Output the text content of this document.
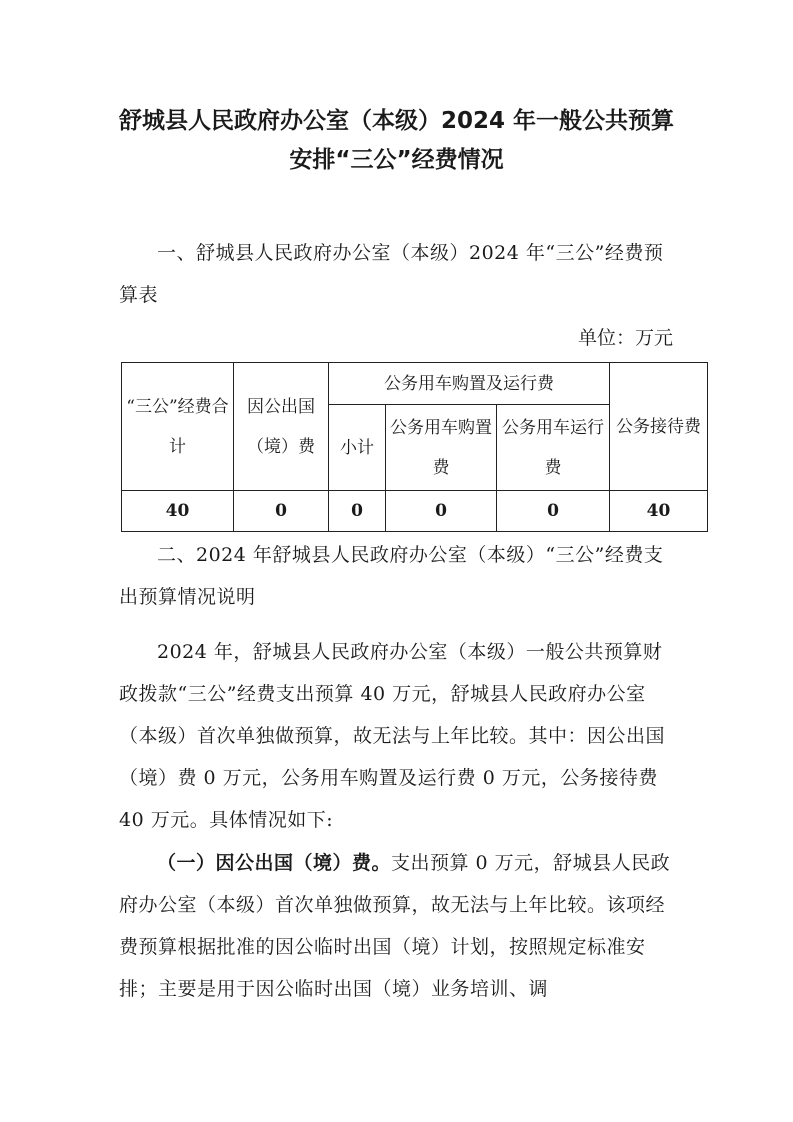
舒城县人民政府办公室（本级）2024 年一般公共预算
安排“三公”经费情况
一、舒城县人民政府办公室（本级）2024 年“三公”经费预算表
单位：万元
“三公”经费合计	因公出国（境）费	公务用车购置及运行费			公务接待费
		小计	公务用车购置费	公务用车运行费	
40	0	0	0	0	40
二、2024 年舒城县人民政府办公室（本级）“三公”经费支出预算情况说明
2024 年，舒城县人民政府办公室（本级）一般公共预算财政拨款“三公”经费支出预算 40 万元，舒城县人民政府办公室（本级）首次单独做预算，故无法与上年比较。其中：因公出国（境）费 0 万元，公务用车购置及运行费 0 万元，公务接待费 40 万元。具体情况如下:
（一）因公出国（境）费。支出预算 0 万元，舒城县人民政府办公室（本级）首次单独做预算，故无法与上年比较。该项经费预算根据批准的因公临时出国（境）计划，按照规定标准安排；主要是用于因公临时出国（境）业务培训、调
